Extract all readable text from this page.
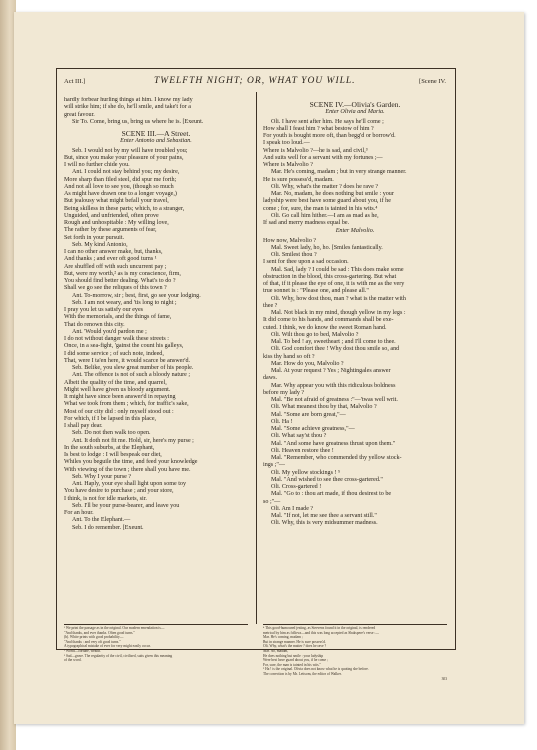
Act III.]	TWELFTH NIGHT; OR, WHAT YOU WILL.	[Scene IV.
hardly forbear hurling things at him. I know my lady
will strike him; if she do, he'll smile, and take't for a
great favour.
Sir To. Come, bring us, bring us where he is. [Exeunt.
SCENE III.—A Street.
Enter Antonio and Sebastian.
Seb. I would not by my will have troubled you;
But, since you make your pleasure of your pains,
I will no further chide you.
Ant. I could not stay behind you; my desire,
More sharp than filed steel, did spur me forth;
And not all love to see you, (though so much
As might have drawn one to a longer voyage,)
But jealousy what might befall your travel,
Being skilless in these parts; which, to a stranger,
Unguided, and unfriended, often prove
Rough and unhospitable : My willing love,
The rather by these arguments of fear,
Set forth in your pursuit.
Seb. My kind Antonio,
I can no other answer make, but, thanks,
And thanks ; and ever oft good turns ¹
Are shuffled off with such uncurrent pay ;
But, were my worth,² as is my conscience, firm,
You should find better dealing. What's to do ?
Shall we go see the reliques of this town ?
Ant. To-morrow, sir ; best, first, go see your lodging.
Seb. I am not weary, and 'tis long to night ;
I pray you let us satisfy our eyes
With the memorials, and the things of fame,
That do renown this city.
Ant. 'Would you'd pardon me ;
I do not without danger walk these streets :
Once, in a sea-fight, 'gainst the count his galleys,
I did some service ; of such note, indeed,
That, were I ta'en here, it would scarce be answer'd.
Seb. Belike, you slew great number of his people.
Ant. The offence is not of such a bloody nature ;
Albeit the quality of the time, and quarrel,
Might well have given us bloody argument.
It might have since been answer'd in repaying
What we took from them ; which, for traffic's sake,
Most of our city did : only myself stood out :
For which, if I be lapsed in this place,
I shall pay dear.
Seb. Do not then walk too open.
Ant. It doth not fit me. Hold, sir, here's my purse ;
In the south suburbs, at the Elephant,
Is best to lodge : I will bespeak our diet,
Whiles you beguile the time, and feed your knowledge
With viewing of the town ; there shall you have me.
Seb. Why I your purse ?
Ant. Haply, your eye shall light upon some toy
You have desire to purchase ; and your store,
I think, is not for idle markets, sir.
Seb. I'll be your purse-bearer, and leave you
For an hour.
Ant. To the Elephant.—
Seb. I do remember. [Exeunt.
SCENE IV.—Olivia's Garden.
Enter Olivia and Maria.
Oli. I have sent after him. He says he'll come ;
How shall I feast him ? what bestow of him ?
For youth is bought more oft, than begg'd or borrow'd.
I speak too loud.—
Where is Malvolio ?—he is sad, and civil,³
And suits well for a servant with my fortunes ;—
Where is Malvolio ?
Mar. He's coming, madam ; but in very strange manner.
He is sure possess'd, madam.
Oli. Why, what's the matter ? does he rave ?
Mar. No, madam, he does nothing but smile : your
ladyship were best have some guard about you, if he
come ; for, sure, the man is tainted in his wits.⁴
Oli. Go call him hither.—I am as mad as he,
If sad and merry madness equal be.
Enter Malvolio.
How now, Malvolio ?
Mal. Sweet lady, ho, ho. [Smiles fantastically.
Oli. Smilest thou ?
I sent for thee upon a sad occasion.
Mal. Sad, lady ? I could be sad : This does make some
obstruction in the blood, this cross-gartering. But what
of that, if it please the eye of one, it is with me as the very
true sonnet is : "Please one, and please all."
Oli. Why, how dost thou, man ? what is the matter with
thee ?
Mal. Not black in my mind, though yellow in my legs :
It did come to his hands, and commands shall be exe-
cuted. I think, we do know the sweet Roman hand.
Oli. Wilt thou go to bed, Malvolio ?
Mal. To bed ! ay, sweetheart ; and I'll come to thee.
Oli. God comfort thee ! Why dost thou smile so, and
kiss thy hand so oft ?
Mar. How do you, Malvolio ?
Mal. At your request ? Yes ; Nightingales answer
daws.
Mar. Why appear you with this ridiculous boldness
before my lady ?
Mal. "Be not afraid of greatness :"—'twas well writ.
Oli. What meanest thou by that, Malvolio ?
Mal. "Some are born great,"—
Oli. Ha !
Mal. "Some achieve greatness,"—
Oli. What say'st thou ?
Mal. "And some have greatness thrust upon them."
Oli. Heaven restore thee !
Mal. "Remember, who commended thy yellow stock-
ings ;"—
Oli. My yellow stockings ! ⁵
Mal. "And wished to see thee cross-gartered."
Oli. Cross-gartered !
Mal. "Go to : thou art made, if thou desirest to be
so ;"—
Oli. Am I made ?
Mal. "If not, let me see thee a servant still."
Oli. Why, this is very midsummer madness.
¹ We print the passage as in the original. Our modern emendation is—
"And thanks, and ever thanks. Often good turns."
(b). White prints with good probability—
"And thanks : and very oft good turns."
A typographical mistake of ever for very might easily occur.
² Worth—fortune, wealth.
³ Sad—grave. The regularity of the civil, civilised, suits given this meaning
of the word.
⁴ This good-humoured jesting, as Steevens found it in the original, is rendered
metrical by him as follows—and this was long accepted as Shakspere's verse :—
Mar. He's coming, madam ;
But in strange manner. He is sure possess'd.
Oli. Why, what's the matter ? does he rave ?
Mar. No, madam,
He does nothing but smile : your ladyship
Were best have guard about you, if he come ;
For, sure, the man is tainted in his wits."
⁵ Ha ! is the original. Olivia does not know what he is quoting she before.
The correction is by Mr. Lettsom, the editor of Walker.
303
